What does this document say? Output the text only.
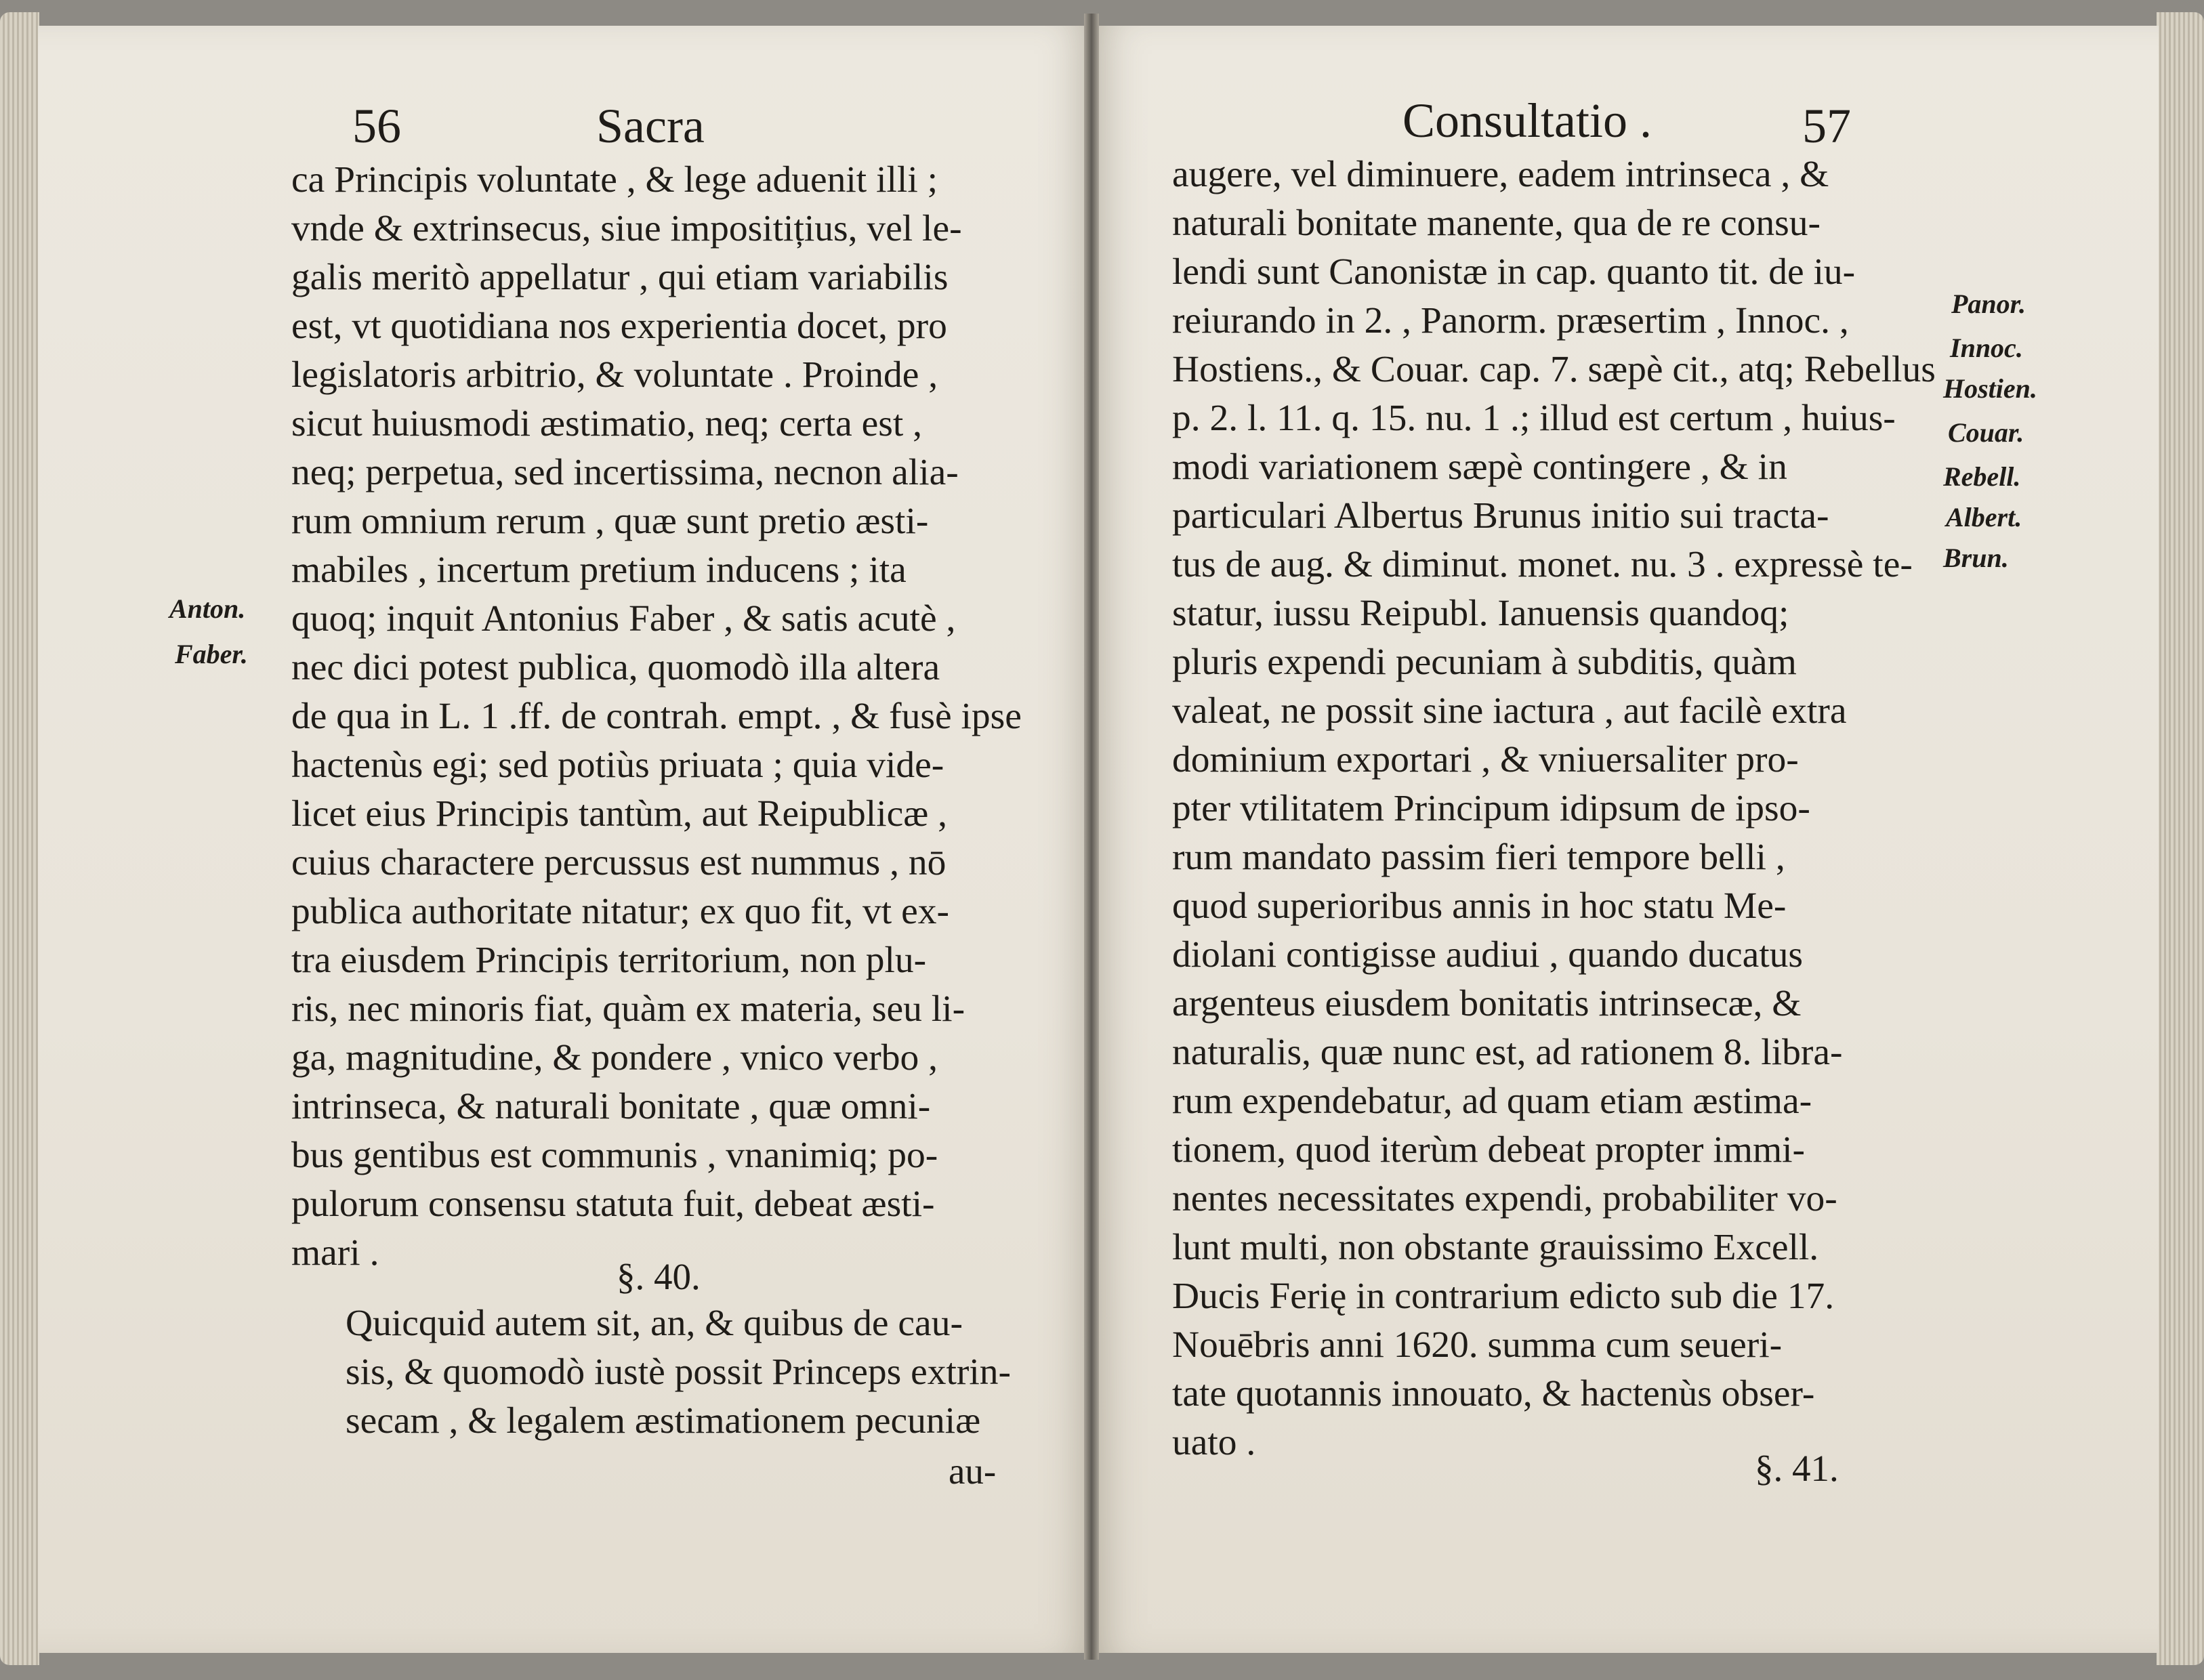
56	Sacra
ca Principis voluntate , & lege aduenit illi ;
vnde & extrinsecus, siue impositițius, vel le-
galis meritò appellatur , qui etiam variabilis
est, vt quotidiana nos experientia docet, pro
legislatoris arbitrio, & voluntate . Proinde ,
sicut huiusmodi æstimatio, neq; certa est ,
neq; perpetua, sed incertissima, necnon alia-
rum omnium rerum , quæ sunt pretio æsti-
mabiles , incertum pretium inducens ; ita
quoq; inquit Antonius Faber , & satis acutè ,
nec dici potest publica, quomodò illa altera
de qua in L. 1 .ff. de contrah. empt. , & fusè ipse
hactenùs egi; sed potiùs priuata ; quia vide-
licet eius Principis tantùm, aut Reipublicæ ,
cuius charactere percussus est nummus , nō
publica authoritate nitatur; ex quo fit, vt ex-
tra eiusdem Principis territorium, non plu-
ris, nec minoris fiat, quàm ex materia, seu li-
ga, magnitudine, & pondere , vnico verbo ,
intrinseca, & naturali bonitate , quæ omni-
bus gentibus est communis , vnanimiq; po-
pulorum consensu statuta fuit, debeat æsti-
mari .
§. 40.
Quicquid autem sit, an, & quibus de cau-
sis, & quomodò iustè possit Princeps extrin-
secam , & legalem æstimationem pecuniæ
au-
Anton.
Faber.
Consultatio .	57
augere, vel diminuere, eadem intrinseca , &
naturali bonitate manente, qua de re consu-
lendi sunt Canonistæ in cap. quanto tit. de iu-
reiurando in 2. , Panorm. præsertim , Innoc. ,
Hostiens., & Couar. cap. 7. sæpè cit., atq; Rebellus
p. 2. l. 11. q. 15. nu. 1 .; illud est certum , huius-
modi variationem sæpè contingere , & in
particulari Albertus Brunus initio sui tracta-
tus de aug. & diminut. monet. nu. 3 . expressè te-
statur, iussu Reipubl. Ianuensis quandoq;
pluris expendi pecuniam à subditis, quàm
valeat, ne possit sine iactura , aut facilè extra
dominium exportari , & vniuersaliter pro-
pter vtilitatem Principum idipsum de ipso-
rum mandato passim fieri tempore belli ,
quod superioribus annis in hoc statu Me-
diolani contigisse audiui , quando ducatus
argenteus eiusdem bonitatis intrinsecæ, &
naturalis, quæ nunc est, ad rationem 8. libra-
rum expendebatur, ad quam etiam æstima-
tionem, quod iterùm debeat propter immi-
nentes necessitates expendi, probabiliter vo-
lunt multi, non obstante grauissimo Excell.
Ducis Ferię in contrarium edicto sub die 17.
Nouēbris anni 1620. summa cum seueri-
tate quotannis innouato, & hactenùs obser-
uato .
§. 41.
Panor.
Innoc.
Hostien.
Couar.
Rebell.
Albert.
Brun.
